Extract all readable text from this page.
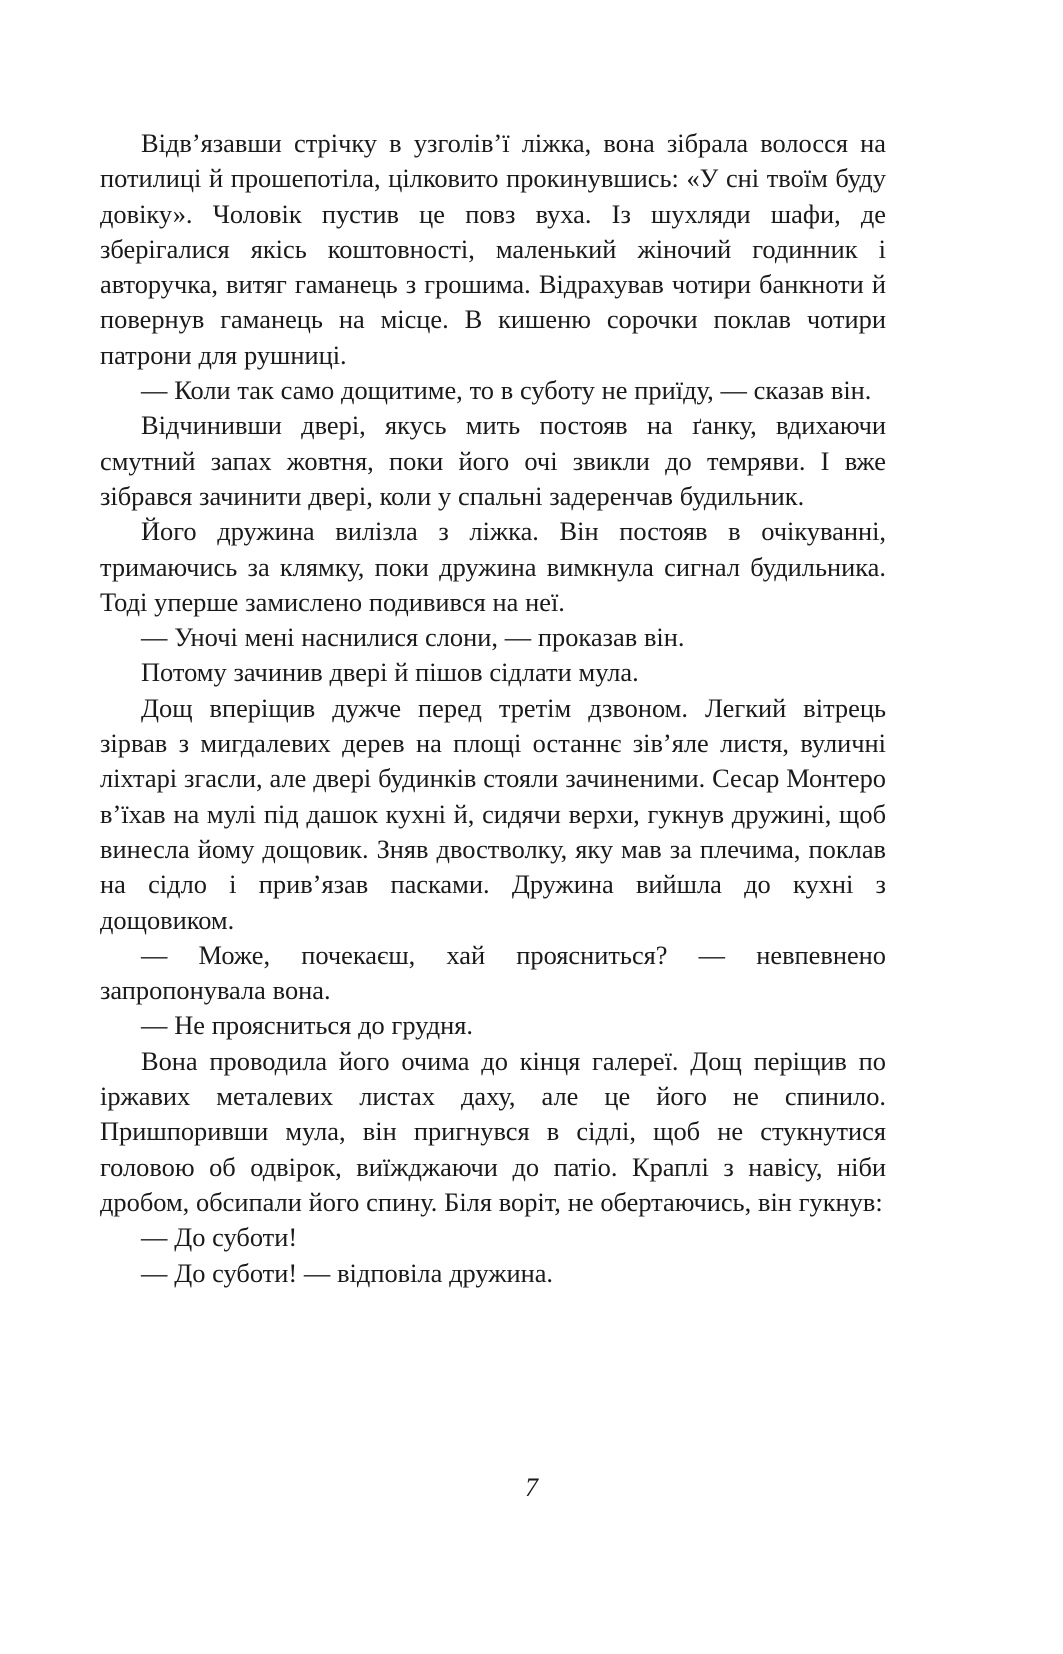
Відв’язавши стрічку в узголів’ї ліжка, вона зібрала волосся на потилиці й прошепотіла, цілковито прокинувшись: «У сні твоїм буду довіку». Чоловік пустив це повз вуха. Із шухляди шафи, де зберігалися якісь коштовності, маленький жіночий годинник і авторучка, витяг гаманець з грошима. Відрахував чотири банкноти й повернув гаманець на місце. В кишеню сорочки поклав чотири патрони для рушниці.

— Коли так само дощитиме, то в суботу не приїду, — сказав він.

Відчинивши двері, якусь мить постояв на ґанку, вдихаючи смутний запах жовтня, поки його очі звикли до темряви. І вже зібрався зачинити двері, коли у спальні задеренчав будильник.

Його дружина вилізла з ліжка. Він постояв в очікуванні, тримаючись за клямку, поки дружина вимкнула сигнал будильника. Тоді уперше замислено подивився на неї.

— Уночі мені наснилися слони, — проказав він.

Потому зачинив двері й пішов сідлати мула.

Дощ вперіщив дужче перед третім дзвоном. Легкий вітрець зірвав з мигдалевих дерев на площі останнє зів’яле листя, вуличні ліхтарі згасли, але двері будинків стояли зачиненими. Сесар Монтеро в’їхав на мулі під дашок кухні й, сидячи верхи, гукнув дружині, щоб винесла йому дощовик. Зняв двостволку, яку мав за плечима, поклав на сідло і прив’язав пасками. Дружина вийшла до кухні з дощовиком.

— Може, почекаєш, хай проясниться? — невпевнено запропонувала вона.

— Не проясниться до грудня.

Вона проводила його очима до кінця галереї. Дощ періщив по іржавих металевих листах даху, але це його не спинило. Пришпоривши мула, він пригнувся в сідлі, щоб не стукнутися головою об одвірок, виїжджаючи до патіо. Краплі з навісу, ніби дробом, обсипали його спину. Біля воріт, не обертаючись, він гукнув:

— До суботи!

— До суботи! — відповіла дружина.

7
